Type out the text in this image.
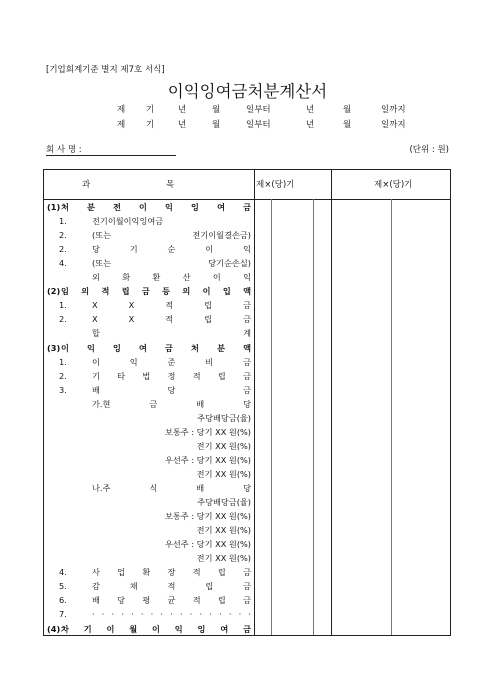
[기업회계기준 별지 제7호 서식]
이익잉여금처분계산서
제 기	년	월	일부터	년	월	일까지
제 기	년	월	일부터	년	월	일까지
회 사 명 :	(단위 : 원)
과	목	제×(당)기	제×(당)기
(1) 처 분 전 이 익 잉 여 금
1.	전기이월이익잉여금
2.	(또는 전기이월결손금)
2.	당 기 순 이 익
4.	(또는 당기순손실)
외 화 환 산 이 익
(2) 임 의 적 립 금 등 의 이 입 액
1.	X X 적 립 금
2.	X X 적 립 금
합 계
(3) 이 익 잉 여 금 처 분 액
1.	이 익 준 비 금
2.	기 타 법 정 적 립 금
3.	배 당 금
가.현 금 배 당
주당배당금(율)
보통주 : 당기 XX 원(%)
전기 XX 원(%)
우선주 : 당기 XX 원(%)
전기 XX 원(%)
나.주 식 배 당
주당배당금(율)
보통주 : 당기 XX 원(%)
전기 XX 원(%)
우선주 : 당기 XX 원(%)
전기 XX 원(%)
4.	사 업 확 장 적 립 금
5.	감 채 적 립 금
6.	배 당 평 균 적 립 금
7.	· · · · · · · · · · · · · · · · ·
(4) 차 기 이 월 이 익 잉 여 금
